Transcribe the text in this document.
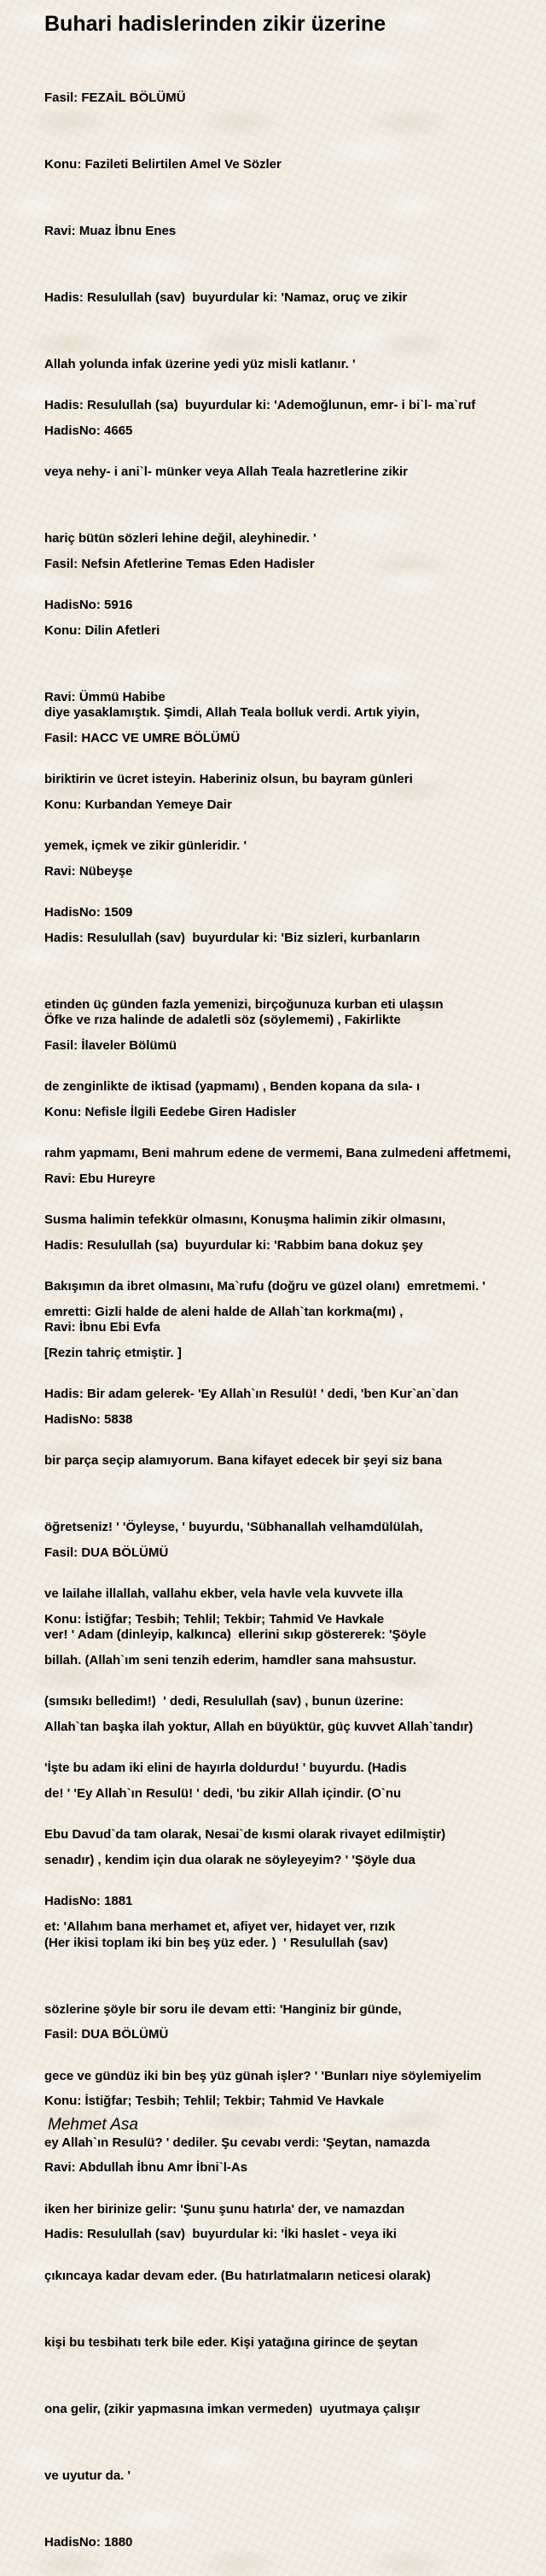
Buhari hadislerinden zikir üzerine

Fasil: FEZAİL BÖLÜMÜ

Konu: Fazileti Belirtilen Amel Ve Sözler

Ravi: Muaz İbnu Enes

Hadis: Resulullah (sav)  buyurdular ki: 'Namaz, oruç ve zikir

Allah yolunda infak üzerine yedi yüz misli katlanır. '

HadisNo: 4665

Fasil: Nefsin Afetlerine Temas Eden Hadisler

Konu: Dilin Afetleri

Ravi: Ümmü Habibe

Hadis: Resulullah (sa)  buyurdular ki: 'Ademoğlunun, emr- i bi`l- ma`ruf

veya nehy- i ani`l- münker veya Allah Teala hazretlerine zikir

hariç bütün sözleri lehine değil, aleyhinedir. '

HadisNo: 5916

Fasil: HACC VE UMRE BÖLÜMÜ

Konu: Kurbandan Yemeye Dair

Ravi: Nübeyşe

Hadis: Resulullah (sav)  buyurdular ki: 'Biz sizleri, kurbanların

etinden üç günden fazla yemenizi, birçoğunuza kurban eti ulaşsın

diye yasaklamıştık. Şimdi, Allah Teala bolluk verdi. Artık yiyin,

biriktirin ve ücret isteyin. Haberiniz olsun, bu bayram günleri

yemek, içmek ve zikir günleridir. '

HadisNo: 1509

Fasil: İlaveler Bölümü

Konu: Nefisle İlgili Eedebe Giren Hadisler

Ravi: Ebu Hureyre

Hadis: Resulullah (sa)  buyurdular ki: 'Rabbim bana dokuz şey

emretti: Gizli halde de aleni halde de Allah`tan korkma(mı) ,

Öfke ve rıza halinde de adaletli söz (söylememi) , Fakirlikte

de zenginlikte de iktisad (yapmamı) , Benden kopana da sıla- ı

rahm yapmamı, Beni mahrum edene de vermemi, Bana zulmedeni affetmemi,

Susma halimin tefekkür olmasını, Konuşma halimin zikir olmasını,

Bakışımın da ibret olmasını, Ma`rufu (doğru ve güzel olanı)  emretmemi. '

[Rezin tahriç etmiştir. ]

HadisNo: 5838

Fasil: DUA BÖLÜMÜ

Konu: İstiğfar; Tesbih; Tehlil; Tekbir; Tahmid Ve Havkale

Ravi: İbnu Ebi Evfa

Hadis: Bir adam gelerek- 'Ey Allah`ın Resulü! ' dedi, 'ben Kur`an`dan

bir parça seçip alamıyorum. Bana kifayet edecek bir şeyi siz bana

öğretseniz! ' 'Öyleyse, ' buyurdu, 'Sübhanallah velhamdülülah,

ve lailahe illallah, vallahu ekber, vela havle vela kuvvete illa

billah. (Allah`ım seni tenzih ederim, hamdler sana mahsustur.

Allah`tan başka ilah yoktur, Allah en büyüktür, güç kuvvet Allah`tandır)

de! ' 'Ey Allah`ın Resulü! ' dedi, 'bu zikir Allah içindir. (O`nu

senadır) , kendim için dua olarak ne söyleyeyim? ' 'Şöyle dua

et: 'Allahım bana merhamet et, afiyet ver, hidayet ver, rızık

ver! ' Adam (dinleyip, kalkınca)  ellerini sıkıp göstererek: 'Şöyle

(sımsıkı belledim!)  ' dedi, Resulullah (sav) , bunun üzerine:

'İşte bu adam iki elini de hayırla doldurdu! ' buyurdu. (Hadis

Ebu Davud`da tam olarak, Nesai`de kısmi olarak rivayet edilmiştir)

HadisNo: 1881

Fasil: DUA BÖLÜMÜ

Konu: İstiğfar; Tesbih; Tehlil; Tekbir; Tahmid Ve Havkale

Ravi: Abdullah İbnu Amr İbni`l-As

Hadis: Resulullah (sav)  buyurdular ki: 'İki haslet - veya iki

(Her ikisi toplam iki bin beş yüz eder. )  ' Resulullah (sav)

sözlerine şöyle bir soru ile devam etti: 'Hanginiz bir günde,

gece ve gündüz iki bin beş yüz günah işler? ' 'Bunları niye söylemiyelim

ey Allah`ın Resulü? ' dediler. Şu cevabı verdi: 'Şeytan, namazda

iken her birinize gelir: 'Şunu şunu hatırla' der, ve namazdan

çıkıncaya kadar devam eder. (Bu hatırlatmaların neticesi olarak)

kişi bu tesbihatı terk bile eder. Kişi yatağına girince de şeytan

ona gelir, (zikir yapmasına imkan vermeden)  uyutmaya çalışır

ve uyutur da. '

HadisNo: 1880

Mehmet Asa
